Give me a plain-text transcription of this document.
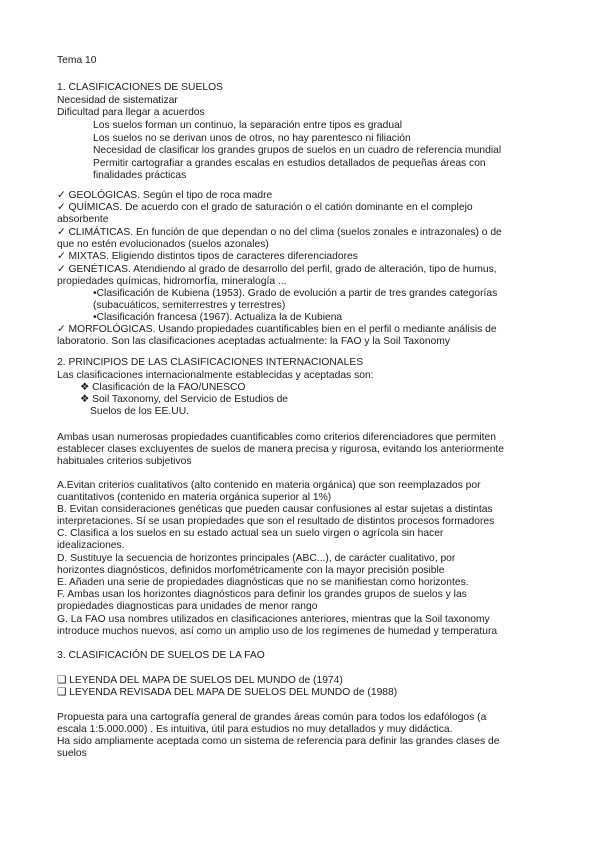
Tema 10

1. CLASIFICACIONES DE SUELOS

Necesidad de sistematizar

Dificultad para llegar a acuerdos

Los suelos forman un continuo, la separación entre tipos es gradual

Los suelos no se derivan unos de otros, no hay parentesco ni filiación

Necesidad de clasificar los grandes grupos de suelos en un cuadro de referencia mundial

Permitir cartografiar a grandes escalas en estudios detallados de pequeñas áreas con

finalidades prácticas

✓ GEOLÓGICAS. Según el tipo de roca madre

✓ QUÍMICAS. De acuerdo con el grado de saturación o el catión dominante en el complejo

absorbente

✓ CLIMÁTICAS. En función de que dependan o no del clima (suelos zonales e intrazonales) o de

que no estén evolucionados (suelos azonales)

✓ MIXTAS. Eligiendo distintos tipos de caracteres diferenciadores

✓ GENÉTICAS. Atendiendo al grado de desarrollo del perfil, grado de alteración, tipo de humus,

propiedades químicas, hidromorfía, mineralogía ...

•Clasificación de Kubiena (1953). Grado de evolución a partir de tres grandes categorías

(subacuáticos, semiterrestres y terrestres)

•Clasificación francesa (1967). Actualiza la de Kubiena

✓ MORFOLÓGICAS. Usando propiedades cuantificables bien en el perfil o mediante análisis de

laboratorio. Son las clasificaciones aceptadas actualmente: la FAO y la Soil Taxonomy

2. PRINCIPIOS DE LAS CLASIFICACIONES INTERNACIONALES

Las clasificaciones internacionalmente establecidas y aceptadas son:

❖ Clasificación de la FAO/UNESCO

❖ Soil Taxonomy, del Servicio de Estudios de

Suelos de los EE.UU.

Ambas usan numerosas propiedades cuantificables como criterios diferenciadores que permiten

establecer clases excluyentes de suelos de manera precisa y rigurosa, evitando los anteriormente

habituales criterios subjetivos

A.Evitan criterios cualitativos (alto contenido en materia orgánica) que son reemplazados por

cuantitativos (contenido en materia orgánica superior al 1%)

B. Evitan consideraciones genéticas que pueden causar confusiones al estar sujetas a distintas

interpretaciones. Sí se usan propiedades que son el resultado de distintos procesos formadores

C. Clasifica a los suelos en su estado actual sea un suelo virgen o agrícola sin hacer

idealizaciones.

D. Sustituye la secuencia de horizontes principales (ABC...), de carácter cualitativo, por

horizontes diagnósticos, definidos morfométricamente con la mayor precisión posible

E. Añaden una serie de propiedades diagnósticas que no se manifiestan como horizontes.

F. Ambas usan los horizontes diagnósticos para definir los grandes grupos de suelos y las

propiedades diagnosticas para unidades de menor rango

G. La FAO usa nombres utilizados en clasificaciones anteriores, mientras que la Soil taxonomy

introduce muchos nuevos, así como un amplio uso de los regímenes de humedad y temperatura

3. CLASIFICACIÓN DE SUELOS DE LA FAO

❑ LEYENDA DEL MAPA DE SUELOS DEL MUNDO de (1974)

❑ LEYENDA REVISADA DEL MAPA DE SUELOS DEL MUNDO de (1988)

Propuesta para una cartografía general de grandes áreas común para todos los edafólogos (a

escala 1:5.000.000) . Es intuitiva, útil para estudios no muy detallados y muy didáctica.

Ha sido ampliamente aceptada como un sistema de referencia para definir las grandes clases de

suelos
